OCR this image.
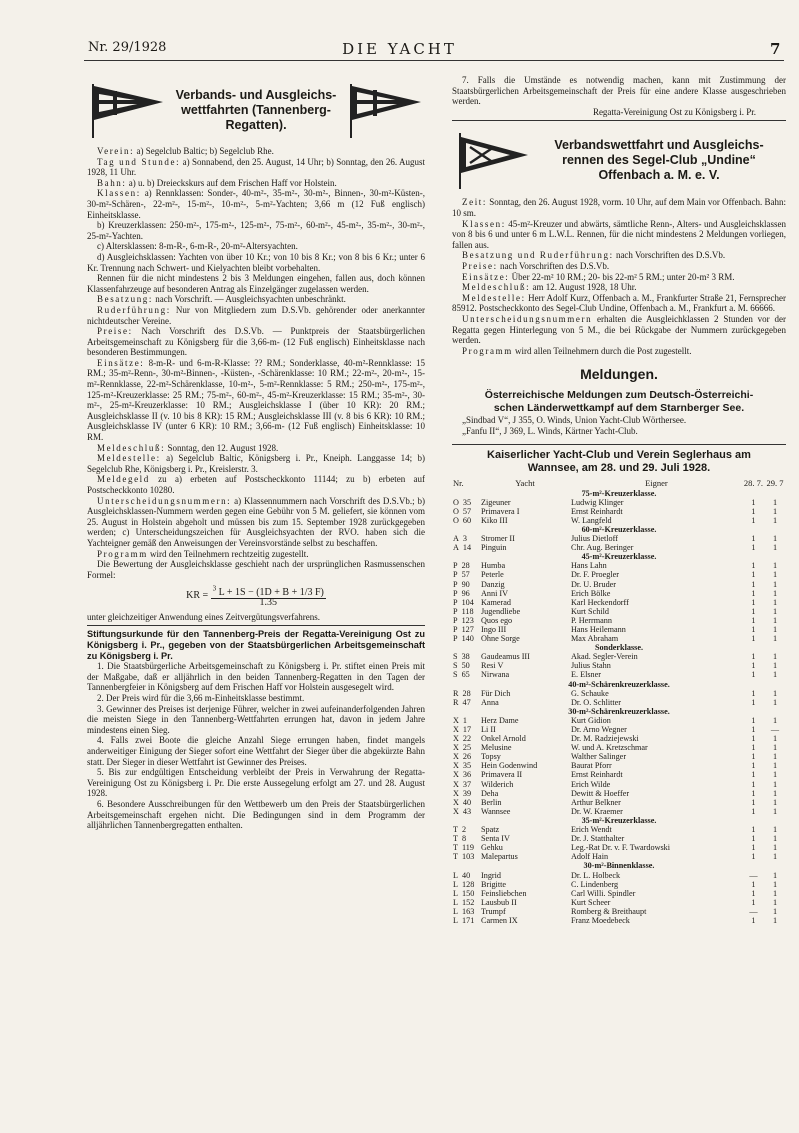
Nr. 29/1928	DIE YACHT	7
Verbands- und Ausgleichs-
wettfahrten (Tannenberg-
Regatten).

Verein: a) Segelclub Baltic; b) Segelclub Rhe.

Tag und Stunde: a) Sonnabend, den 25. August, 14 Uhr; b) Sonntag, den 26. August 1928, 11 Uhr.

Bahn: a) u. b) Dreieckskurs auf dem Frischen Haff vor Holstein.

Klassen: a) Rennklassen: Sonder-, 40-m²-, 35-m²-, 30-m²-, Binnen-, 30-m²-Küsten-, 30-m²-Schären-, 22-m²-, 15-m²-, 10-m²-, 5-m²-Yachten; 3,66 m (12 Fuß englisch) Einheitsklasse.

b) Kreuzerklassen: 250-m²-, 175-m²-, 125-m²-, 75-m²-, 60-m²-, 45-m²-, 35-m²-, 30-m²-, 25-m²-Yachten.

c) Altersklassen: 8-m-R-, 6-m-R-, 20-m²-Altersyachten.

d) Ausgleichsklassen: Yachten von über 10 Kr.; von 10 bis 8 Kr.; von 8 bis 6 Kr.; unter 6 Kr. Trennung nach Schwert- und Kielyachten bleibt vorbehalten.

Rennen für die nicht mindestens 2 bis 3 Meldungen eingehen, fallen aus, doch können Klassenfahrzeuge auf besonderen Antrag als Einzelgänger zugelassen werden.

Besatzung: nach Vorschrift. — Ausgleichsyachten unbeschränkt.

Ruderführung: Nur von Mitgliedern zum D.S.Vb. gehörender oder anerkannter nichtdeutscher Vereine.

Preise: Nach Vorschrift des D.S.Vb. — Punktpreis der Staatsbürgerlichen Arbeitsgemeinschaft zu Königsberg für die 3,66-m- (12 Fuß englisch) Einheitsklasse nach besonderen Bestimmungen.

Einsätze: 8-m-R- und 6-m-R-Klasse: ?? RM.; Sonderklasse, 40-m²-Rennklasse: 15 RM.; 35-m²-Renn-, 30-m²-Binnen-, -Küsten-, -Schärenklasse: 10 RM.; 22-m²-, 20-m²-, 15-m²-Rennklasse, 22-m²-Schärenklasse, 10-m²-, 5-m²-Rennklasse: 5 RM.; 250-m²-, 175-m²-, 125-m²-Kreuzerklasse: 25 RM.; 75-m²-, 60-m²-, 45-m²-Kreuzerklasse: 15 RM.; 35-m²-, 30-m²-, 25-m²-Kreuzerklasse: 10 RM.; Ausgleichsklasse I (über 10 KR): 20 RM.; Ausgleichsklasse II (v. 10 bis 8 KR): 15 RM.; Ausgleichsklasse III (v. 8 bis 6 KR): 10 RM.; Ausgleichsklasse IV (unter 6 KR): 10 RM.; 3,66-m- (12 Fuß englisch) Einheitsklasse: 10 RM.

Meldeschluß: Sonntag, den 12. August 1928.

Meldestelle: a) Segelclub Baltic, Königsberg i. Pr., Kneiph. Langgasse 14; b) Segelclub Rhe, Königsberg i. Pr., Kreislerstr. 3.

Meldegeld zu a) erbeten auf Postscheckkonto 11144; zu b) erbeten auf Postscheckkonto 10280.

Unterscheidungsnummern: a) Klassennummern nach Vorschrift des D.S.Vb.; b) Ausgleichsklassen-Nummern werden gegen eine Gebühr von 5 M. geliefert, sie können vom 25. August in Holstein abgeholt und müssen bis zum 15. September 1928 zurückgegeben werden; c) Unterscheidungszeichen für Ausgleichsyachten der RVO. haben sich die Yachteigner gemäß den Anweisungen der Vereinsvorstände selbst zu beschaffen.

Programm wird den Teilnehmern rechtzeitig zugestellt.

Die Bewertung der Ausgleichsklasse geschieht nach der ursprünglichen Rasmussenschen Formel:

KR = $\frac{^3 L + 1S - (1D + B + 1/3 F)}{1.35}$

unter gleichzeitiger Anwendung eines Zeitvergütungsverfahrens.

Stiftungsurkunde für den Tannenberg-Preis der Regatta-Vereinigung Ost zu Königsberg i. Pr., gegeben von der Staatsbürgerlichen Arbeitsgemeinschaft zu Königsberg i. Pr.

1. Die Staatsbürgerliche Arbeitsgemeinschaft zu Königsberg i. Pr. stiftet einen Preis mit der Maßgabe, daß er alljährlich in den beiden Tannenberg-Regatten in den Tagen der Tannenbergfeier in Königsberg auf dem Frischen Haff vor Holstein ausgesegelt wird.

2. Der Preis wird für die 3,66 m-Einheitsklasse bestimmt.

3. Gewinner des Preises ist derjenige Führer, welcher in zwei aufeinanderfolgenden Jahren die meisten Siege in den Tannenberg-Wettfahrten errungen hat, davon in jedem Jahre mindestens einen Sieg.

4. Falls zwei Boote die gleiche Anzahl Siege errungen haben, findet mangels anderweitiger Einigung der Sieger sofort eine Wettfahrt der Sieger über die abgekürzte Bahn statt. Der Sieger in dieser Wettfahrt ist Gewinner des Preises.

5. Bis zur endgültigen Entscheidung verbleibt der Preis in Verwahrung der Regatta-Vereinigung Ost zu Königsberg i. Pr. Die erste Aussegelung erfolgt am 27. und 28. August 1928.

6. Besondere Ausschreibungen für den Wettbewerb um den Preis der Staatsbürgerlichen Arbeitsgemeinschaft ergehen nicht. Die Bedingungen sind in dem Programm der alljährlichen Tannenbergregatten enthalten.

7. Falls die Umstände es notwendig machen, kann mit Zustimmung der Staatsbürgerlichen Arbeitsgemeinschaft der Preis für eine andere Klasse ausgeschrieben werden.

Regatta-Vereinigung Ost zu Königsberg i. Pr.

Verbandswettfahrt und Ausgleichs-
rennen des Segel-Club „Undine“
Offenbach a. M. e. V.

Zeit: Sonntag, den 26. August 1928, vorm. 10 Uhr, auf dem Main vor Offenbach. Bahn: 10 sm.

Klassen: 45-m²-Kreuzer und abwärts, sämtliche Renn-, Alters- und Ausgleichsklassen von 8 bis 6 und unter 6 m L.W.L. Rennen, für die nicht mindestens 2 Meldungen vorliegen, fallen aus.

Besatzung und Ruderführung: nach Vorschriften des D.S.Vb.

Preise: nach Vorschriften des D.S.Vb.

Einsätze: Über 22-m² 10 RM.; 20- bis 22-m² 5 RM.; unter 20-m² 3 RM.

Meldeschluß: am 12. August 1928, 18 Uhr.

Meldestelle: Herr Adolf Kurz, Offenbach a. M., Frankfurter Straße 21, Fernsprecher 85912. Postscheckkonto des Segel-Club Undine, Offenbach a. M., Frankfurt a. M. 66666.

Unterscheidungsnummern erhalten die Ausgleichklassen 2 Stunden vor der Regatta gegen Hinterlegung von 5 M., die bei Rückgabe der Nummern zurückgegeben werden.

Programm wird allen Teilnehmern durch die Post zugestellt.

Meldungen.
Österreichische Meldungen zum Deutsch-Österreichi-
schen Länderwettkampf auf dem Starnberger See.

„Sindbad V“, J 355, O. Winds, Union Yacht-Club Wörthersee.

„Fanfu II“, J 369, L. Winds, Kärtner Yacht-Club.

Kaiserlicher Yacht-Club und Verein Seglerhaus am
Wannsee, am 28. und 29. Juli 1928.
Nr.	Yacht	Eigner	28. 7.	29. 7
75-m²-Kreuzerklasse.				
O 35	Zigeuner	Ludwig Klinger	1	1
O 57	Primavera I	Ernst Reinhardt	1	1
O 60	Kiko III	W. Langfeld	1	1
60-m²-Kreuzerklasse.				
A 3	Stromer II	Julius Dietloff	1	1
A 14	Pinguin	Chr. Aug. Beringer	1	1
45-m²-Kreuzerklasse.				
P 28	Humba	Hans Lahn	1	1
P 57	Peterle	Dr. F. Proegler	1	1
P 90	Danzig	Dr. U. Bruder	1	1
P 96	Anni IV	Erich Bölke	1	1
P 104	Kamerad	Karl Heckendorff	1	1
P 118	Jugendliebe	Kurt Schild	1	1
P 123	Quos ego	P. Herrmann	1	1
P 127	Ingo III	Hans Heilemann	1	1
P 140	Ohne Sorge	Max Abraham	1	1
Sonderklasse.				
S 38	Gaudeamus III	Akad. Segler-Verein	1	1
S 50	Resi V	Julius Stahn	1	1
S 65	Nirwana	E. Elsner	1	1
40-m²-Schärenkreuzerklasse.				
R 28	Für Dich	G. Schauke	1	1
R 47	Anna	Dr. O. Schlitter	1	1
30-m²-Schärenkreuzerklasse.				
X 1	Herz Dame	Kurt Gidion	1	1
X 17	Li II	Dr. Arno Wegner	1	—
X 22	Onkel Arnold	Dr. M. Radziejewski	1	1
X 25	Melusine	W. und A. Kretzschmar	1	1
X 26	Topsy	Walther Salinger	1	1
X 35	Hein Godenwind	Baurat Pforr	1	1
X 36	Primavera II	Ernst Reinhardt	1	1
X 37	Wilderich	Erich Wilde	1	1
X 39	Deha	Dewitt & Hoeffer	1	1
X 40	Berlin	Arthur Belkner	1	1
X 43	Wannsee	Dr. W. Kraemer	1	1
35-m²-Kreuzerklasse.				
T 2	Spatz	Erich Wendt	1	1
T 8	Senta IV	Dr. J. Statthalter	1	1
T 119	Gehku	Leg.-Rat Dr. v. F. Twardowski	1	1
T 103	Malepartus	Adolf Hain	1	1
30-m²-Binnenklasse.				
L 40	Ingrid	Dr. L. Holbeck	—	1
L 128	Brigitte	C. Lindenberg	1	1
L 150	Feinsliebchen	Carl Willi. Spindler	1	1
L 152	Lausbub II	Kurt Scheer	1	1
L 163	Trumpf	Romberg & Breithaupt	—	1
L 171	Carmen IX	Franz Moedebeck	1	1
